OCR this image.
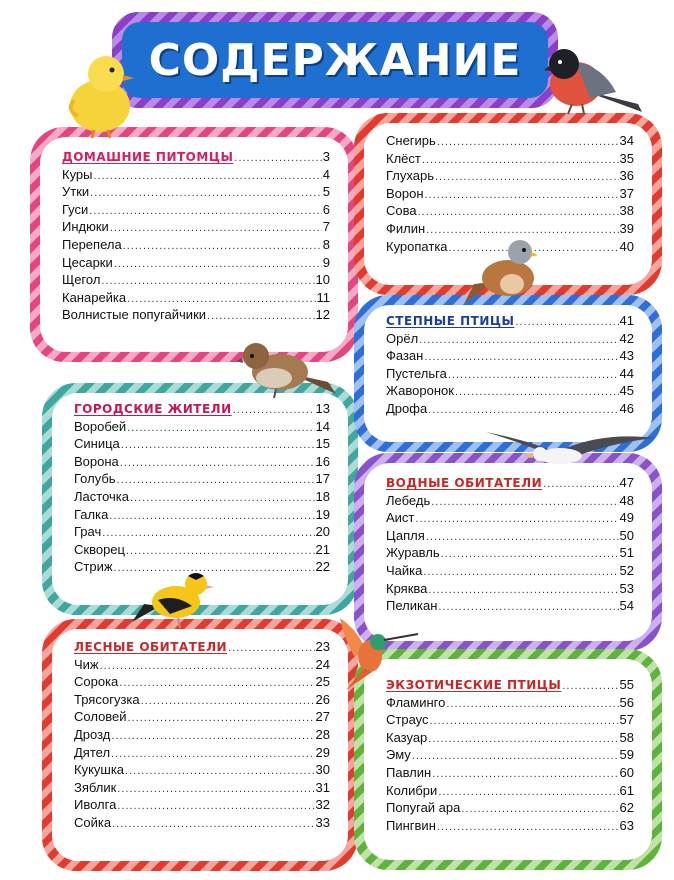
СОДЕРЖАНИЕ
ДОМАШНИЕ ПИТОМЦЫ .....	3
Куры .....	4
Утки .....	5
Гуси .....	6
Индюки .....	7
Перепела .....	8
Цесарки .....	9
Щегол .....	10
Канарейка .....	11
Волнистые попугайчики .....	12
ГОРОДСКИЕ ЖИТЕЛИ .....	13
Воробей .....	14
Синица .....	15
Ворона .....	16
Голубь .....	17
Ласточка .....	18
Галка .....	19
Грач .....	20
Скворец .....	21
Стриж .....	22
ЛЕСНЫЕ ОБИТАТЕЛИ .....	23
Чиж .....	24
Сорока .....	25
Трясогузка .....	26
Соловей .....	27
Дрозд .....	28
Дятел .....	29
Кукушка .....	30
Зяблик .....	31
Иволга .....	32
Сойка .....	33
Снегирь .....	34
Клёст .....	35
Глухарь .....	36
Ворон .....	37
Сова .....	38
Филин .....	39
Куропатка .....	40
СТЕПНЫЕ ПТИЦЫ .....	41
Орёл .....	42
Фазан .....	43
Пустельга .....	44
Жаворонок .....	45
Дрофа .....	46
ВОДНЫЕ ОБИТАТЕЛИ .....	47
Лебедь .....	48
Аист .....	49
Цапля .....	50
Журавль .....	51
Чайка .....	52
Кряква .....	53
Пеликан .....	54
ЭКЗОТИЧЕСКИЕ ПТИЦЫ .....	55
Фламинго .....	56
Страус .....	57
Казуар .....	58
Эму .....	59
Павлин .....	60
Колибри .....	61
Попугай ара .....	62
Пингвин .....	63
